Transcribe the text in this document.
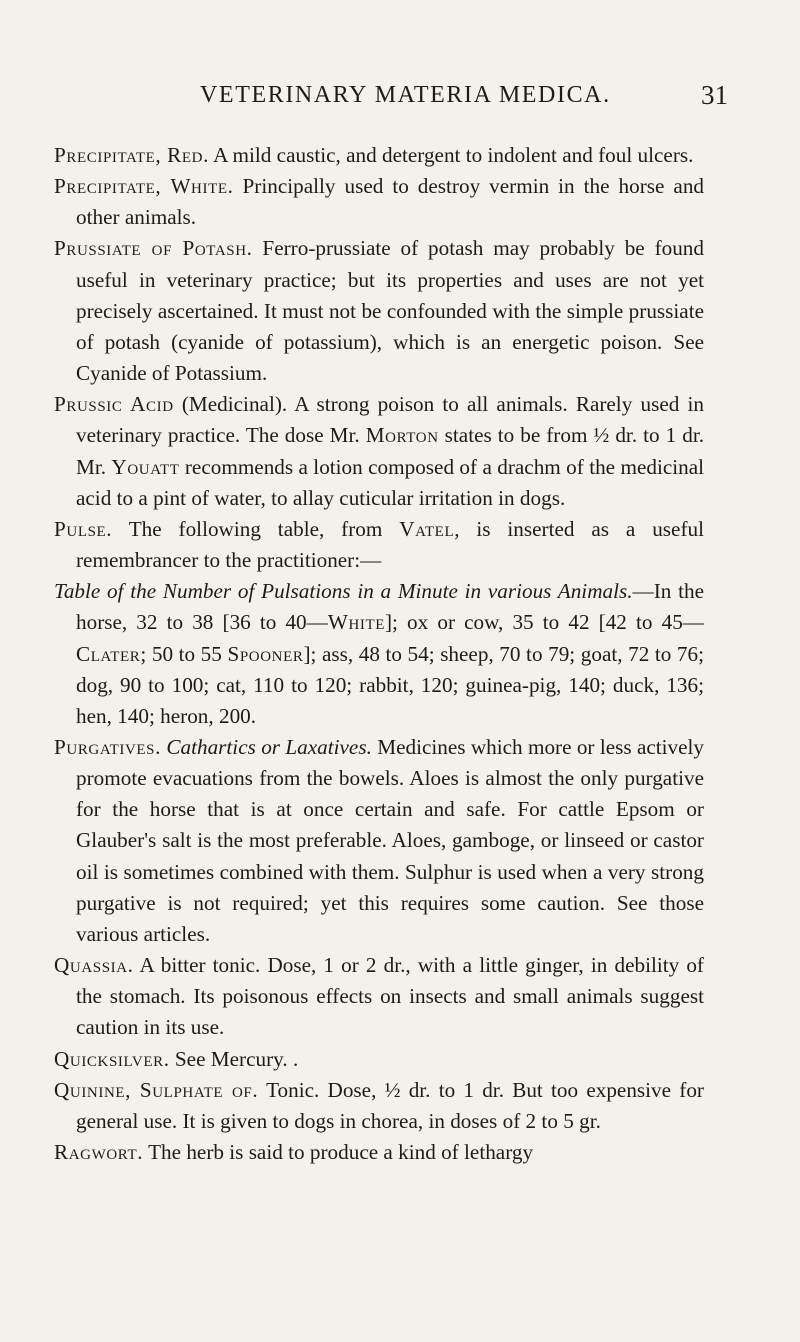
VETERINARY MATERIA MEDICA.	31

Precipitate, Red. A mild caustic, and detergent to indolent and foul ulcers.

Precipitate, White. Principally used to destroy vermin in the horse and other animals.

Prussiate of Potash. Ferro-prussiate of potash may probably be found useful in veterinary practice; but its properties and uses are not yet precisely ascertained. It must not be confounded with the simple prussiate of potash (cyanide of potassium), which is an energetic poison. See Cyanide of Potassium.

Prussic Acid (Medicinal). A strong poison to all animals. Rarely used in veterinary practice. The dose Mr. Morton states to be from ½ dr. to 1 dr. Mr. Youatt recommends a lotion composed of a drachm of the medicinal acid to a pint of water, to allay cuticular irritation in dogs.

Pulse. The following table, from Vatel, is inserted as a useful remembrancer to the practitioner:—

Table of the Number of Pulsations in a Minute in various Animals.—In the horse, 32 to 38 [36 to 40—White]; ox or cow, 35 to 42 [42 to 45—Clater; 50 to 55 Spooner]; ass, 48 to 54; sheep, 70 to 79; goat, 72 to 76; dog, 90 to 100; cat, 110 to 120; rabbit, 120; guinea-pig, 140; duck, 136; hen, 140; heron, 200.

Purgatives. Cathartics or Laxatives. Medicines which more or less actively promote evacuations from the bowels. Aloes is almost the only purgative for the horse that is at once certain and safe. For cattle Epsom or Glauber's salt is the most preferable. Aloes, gamboge, or linseed or castor oil is sometimes combined with them. Sulphur is used when a very strong purgative is not required; yet this requires some caution. See those various articles.

Quassia. A bitter tonic. Dose, 1 or 2 dr., with a little ginger, in debility of the stomach. Its poisonous effects on insects and small animals suggest caution in its use.

Quicksilver. See Mercury. .

Quinine, Sulphate of. Tonic. Dose, ½ dr. to 1 dr. But too expensive for general use. It is given to dogs in chorea, in doses of 2 to 5 gr.

Ragwort. The herb is said to produce a kind of lethargy
